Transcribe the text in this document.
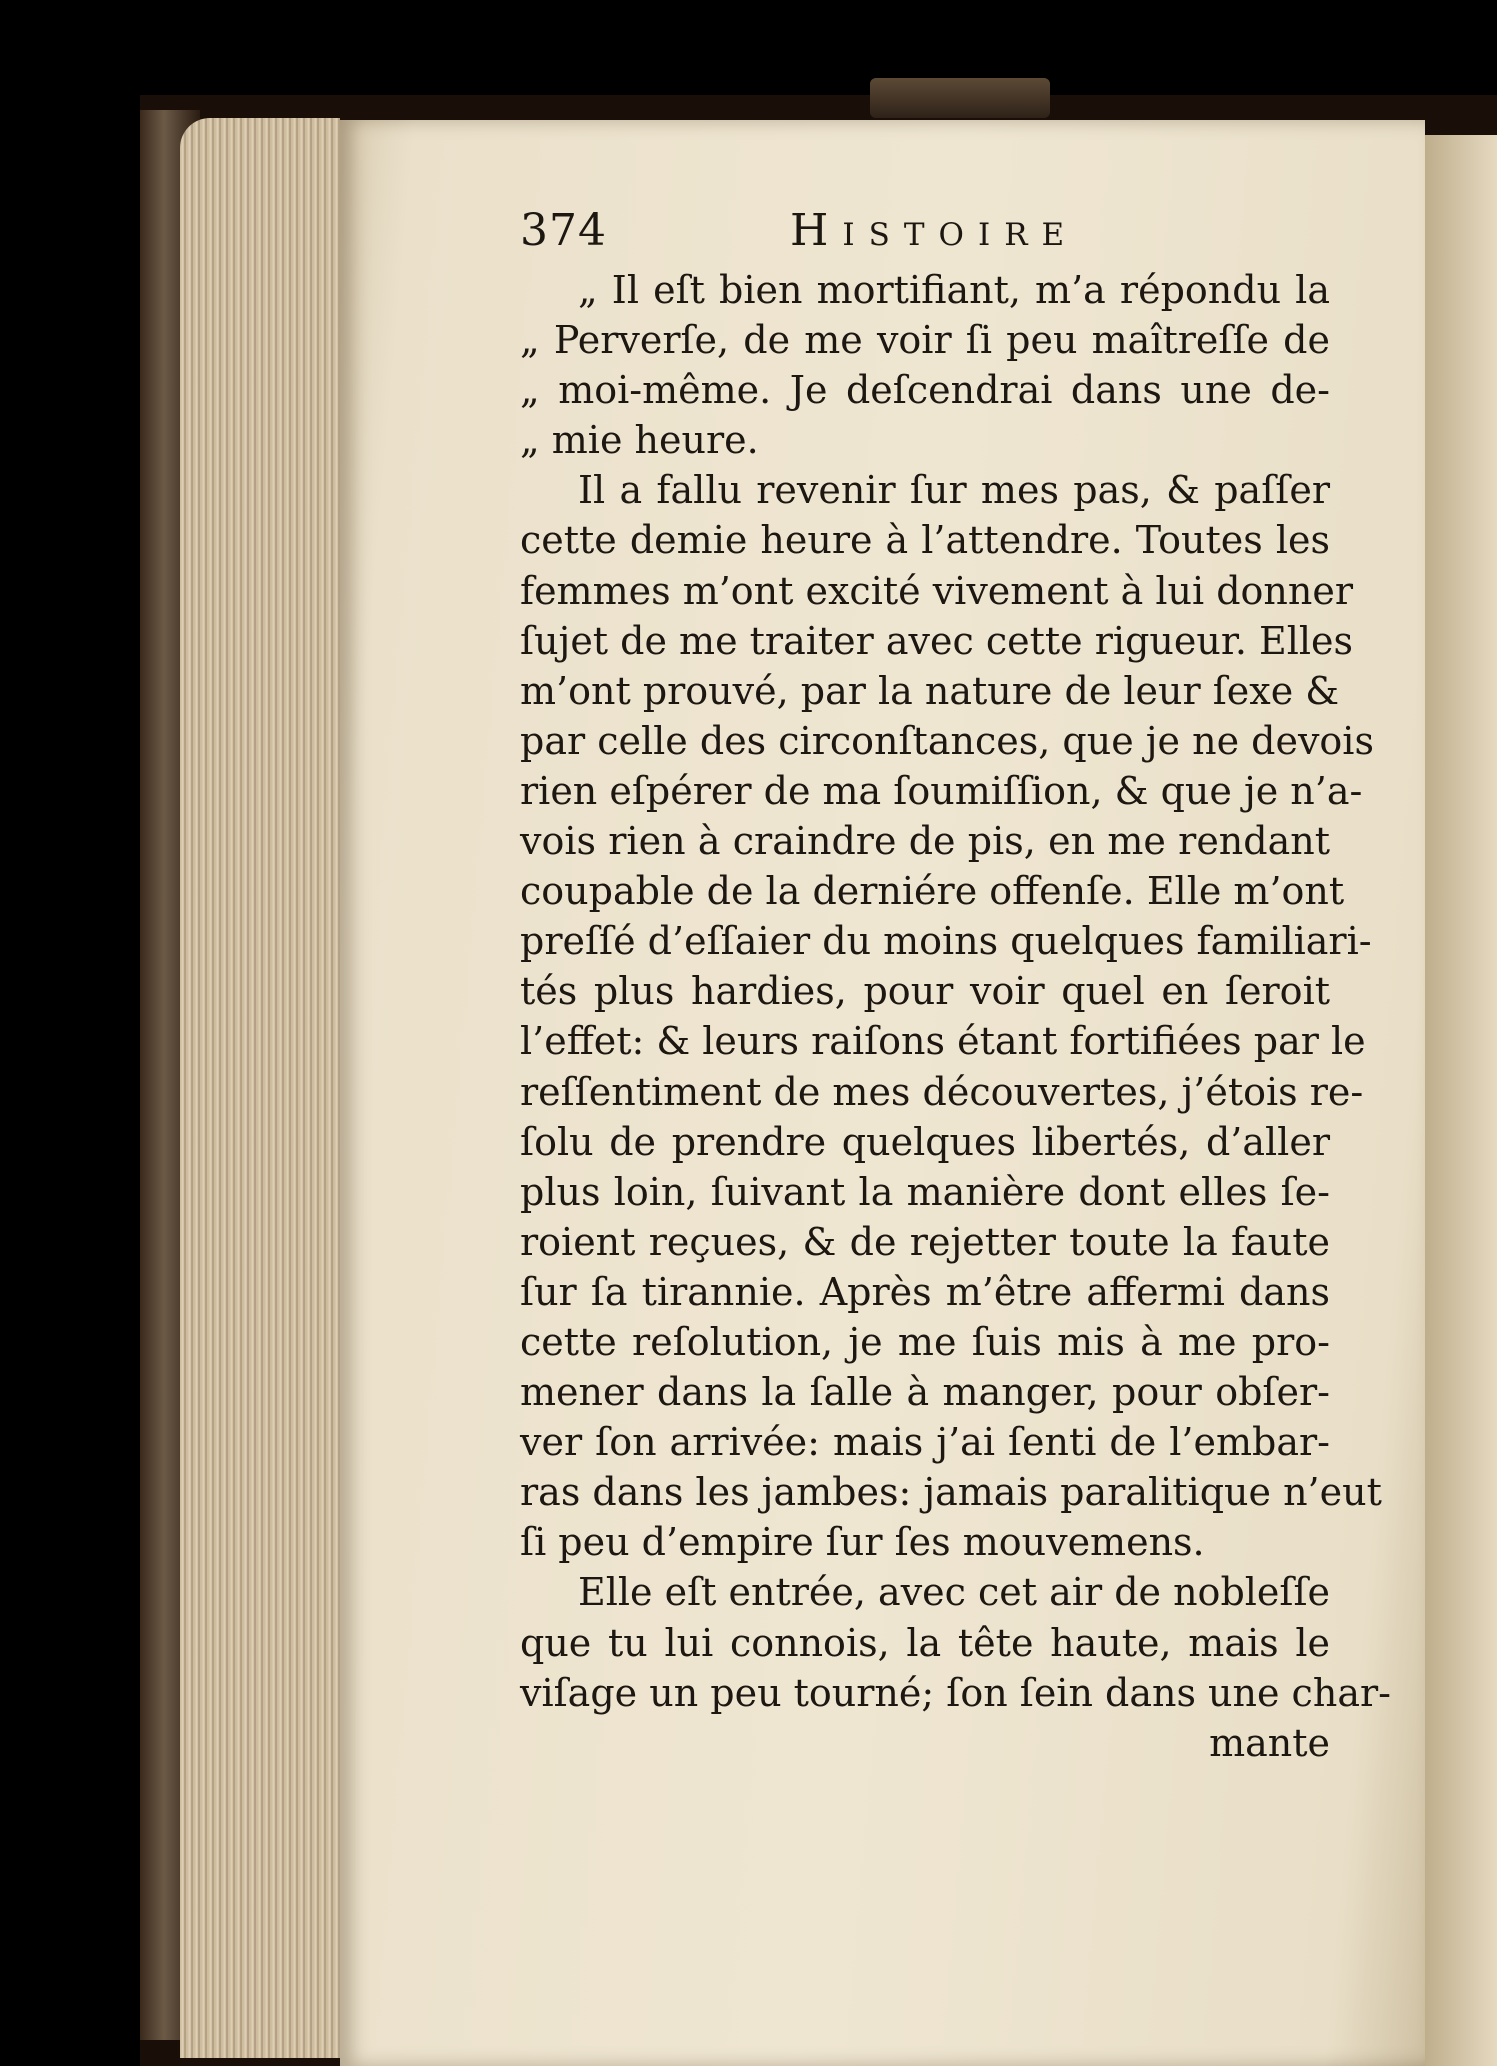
374	Histoire
„ Il eſt bien mortifiant, m’a répondu la
„ Perverſe, de me voir ſi peu maîtreſſe de
„ moi-même. Je deſcendrai dans une de-
„ mie heure.
Il a fallu revenir ſur mes pas, & paſſer
cette demie heure à l’attendre. Toutes les
femmes m’ont excité vivement à lui donner
ſujet de me traiter avec cette rigueur. Elles
m’ont prouvé, par la nature de leur ſexe &
par celle des circonſtances, que je ne devois
rien eſpérer de ma ſoumiſſion, & que je n’a-
vois rien à craindre de pis, en me rendant
coupable de la derniére offenſe. Elle m’ont
preſſé d’eſſaier du moins quelques familiari-
tés plus hardies, pour voir quel en ſeroit
l’effet: & leurs raiſons étant fortifiées par le
reſſentiment de mes découvertes, j’étois re-
ſolu de prendre quelques libertés, d’aller
plus loin, ſuivant la manière dont elles ſe-
roient reçues, & de rejetter toute la faute
ſur ſa tirannie. Après m’être affermi dans
cette reſolution, je me ſuis mis à me pro-
mener dans la ſalle à manger, pour obſer-
ver ſon arrivée: mais j’ai ſenti de l’embar-
ras dans les jambes: jamais paralitique n’eut
ſi peu d’empire ſur ſes mouvemens.
Elle eſt entrée, avec cet air de nobleſſe
que tu lui connois, la tête haute, mais le
viſage un peu tourné; ſon ſein dans une char-
mante
